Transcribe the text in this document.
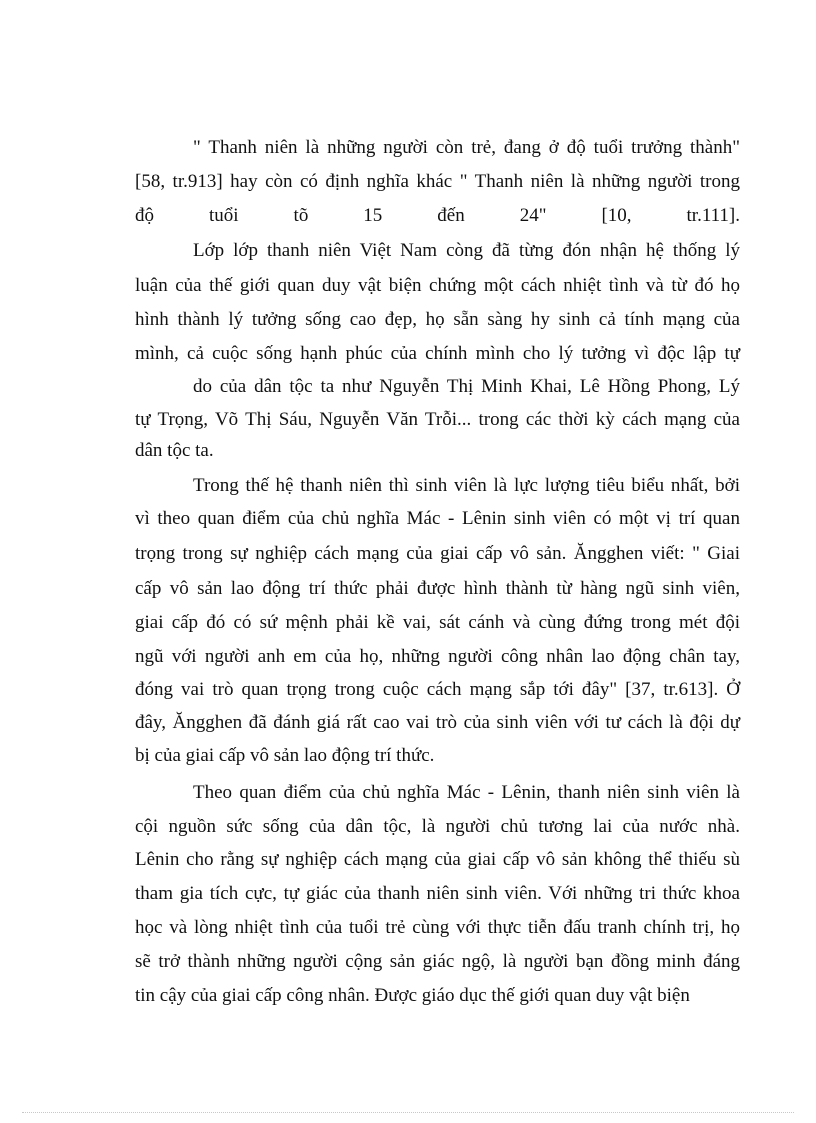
" Thanh niên là những người còn trẻ, đang ở độ tuổi trưởng thành"
[58, tr.913] hay còn có định nghĩa khác " Thanh niên là những người trong
độ tuổi tõ 15 đến 24" [10, tr.111].
Lớp lớp thanh niên Việt Nam còng đã từng đón nhận hệ thống lý
luận của thế giới quan duy vật biện chứng một cách nhiệt tình và từ đó họ
hình thành lý tưởng sống cao đẹp, họ sẵn sàng hy sinh cả tính mạng của
mình, cả cuộc sống hạnh phúc của chính mình cho lý tưởng vì độc lập tự
do của dân tộc ta như Nguyễn Thị Minh Khai, Lê Hồng Phong, Lý
tự Trọng, Võ Thị Sáu, Nguyễn Văn Trỗi... trong các thời kỳ cách mạng của
dân tộc ta.
Trong thế hệ thanh niên thì sinh viên là lực lượng tiêu biểu nhất, bởi
vì theo quan điểm của chủ nghĩa Mác - Lênin sinh viên có một vị trí quan
trọng trong sự nghiệp cách mạng của giai cấp vô sản. Ăngghen viết: " Giai
cấp vô sản lao động trí thức phải được hình thành từ hàng ngũ sinh viên,
giai cấp đó có sứ mệnh phải kề vai, sát cánh và cùng đứng trong mét đội
ngũ với người anh em của họ, những người công nhân lao động chân tay,
đóng vai trò quan trọng trong cuộc cách mạng sắp tới đây" [37, tr.613]. Ở
đây, Ăngghen đã đánh giá rất cao vai trò của sinh viên với tư cách là đội dự
bị của giai cấp vô sản lao động trí thức.
Theo quan điểm của chủ nghĩa Mác - Lênin, thanh niên sinh viên là
cội nguồn sức sống của dân tộc, là người chủ tương lai của nước nhà.
Lênin cho rằng sự nghiệp cách mạng của giai cấp vô sản không thể thiếu sù
tham gia tích cực, tự giác của thanh niên sinh viên. Với những tri thức khoa
học và lòng nhiệt tình của tuổi trẻ cùng với thực tiễn đấu tranh chính trị, họ
sẽ trở thành những người cộng sản giác ngộ, là người bạn đồng minh đáng
tin cậy của giai cấp công nhân. Được giáo dục thế giới quan duy vật biện
